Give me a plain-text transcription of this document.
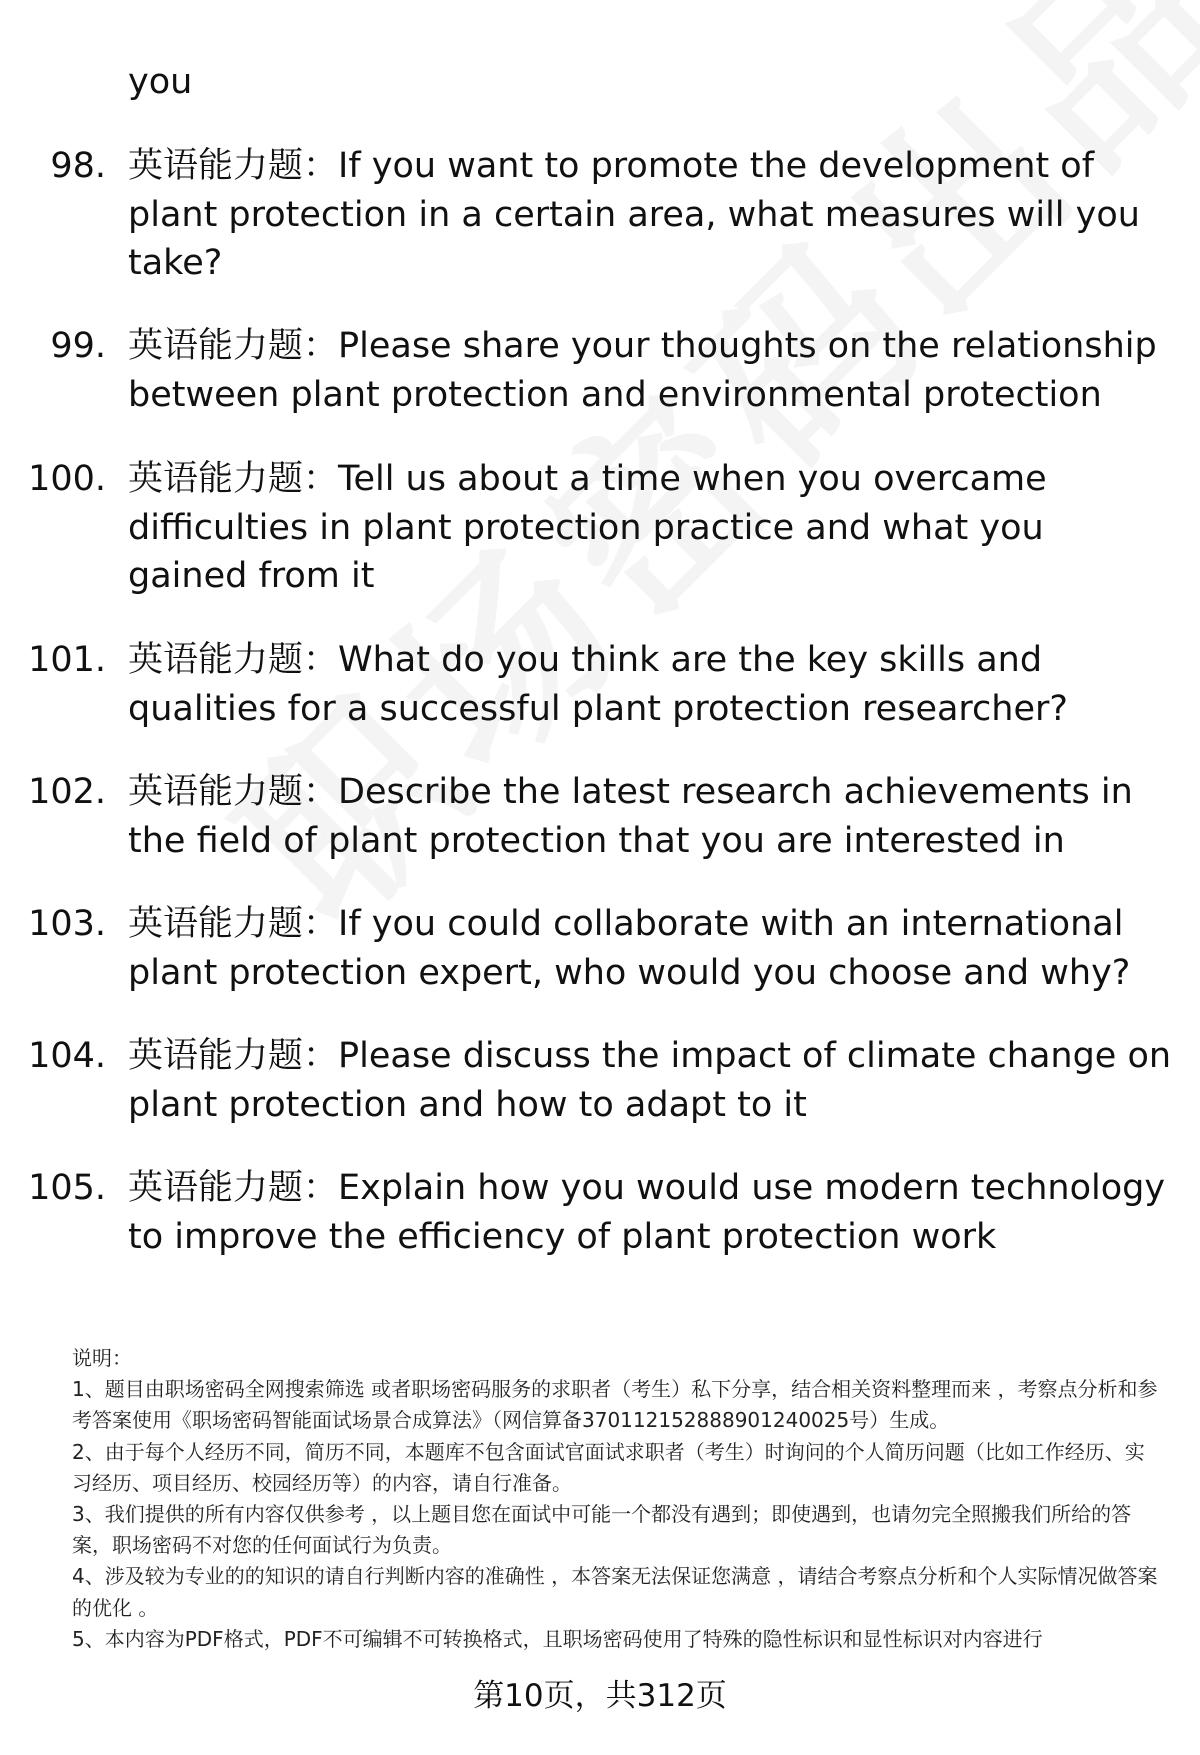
you
98. 英语能力题：If you want to promote the development of plant protection in a certain area, what measures will you take?
99. 英语能力题：Please share your thoughts on the relationship between plant protection and environmental protection
100. 英语能力题：Tell us about a time when you overcame difficulties in plant protection practice and what you gained from it
101. 英语能力题：What do you think are the key skills and qualities for a successful plant protection researcher?
102. 英语能力题：Describe the latest research achievements in the field of plant protection that you are interested in
103. 英语能力题：If you could collaborate with an international plant protection expert, who would you choose and why?
104. 英语能力题：Please discuss the impact of climate change on plant protection and how to adapt to it
105. 英语能力题：Explain how you would use modern technology to improve the efficiency of plant protection work

说明：

1、题目由职场密码全网搜索筛选 或者职场密码服务的求职者（考生）私下分享，结合相关资料整理而来 ，考察点分析和参考答案使用《职场密码智能面试场景合成算法》（网信算备370112152888901240025号）生成。

2、由于每个人经历不同，简历不同，本题库不包含面试官面试求职者（考生）时询问的个人简历问题（比如工作经历、实习经历、项目经历、校园经历等）的内容，请自行准备。

3、我们提供的所有内容仅供参考 ，以上题目您在面试中可能一个都没有遇到；即使遇到，也请勿完全照搬我们所给的答案，职场密码不对您的任何面试行为负责。

4、涉及较为专业的的知识的请自行判断内容的准确性 ，本答案无法保证您满意 ，请结合考察点分析和个人实际情况做答案的优化 。

5、本内容为PDF格式，PDF不可编辑不可转换格式，且职场密码使用了特殊的隐性标识和显性标识对内容进行

第10页，共312页
